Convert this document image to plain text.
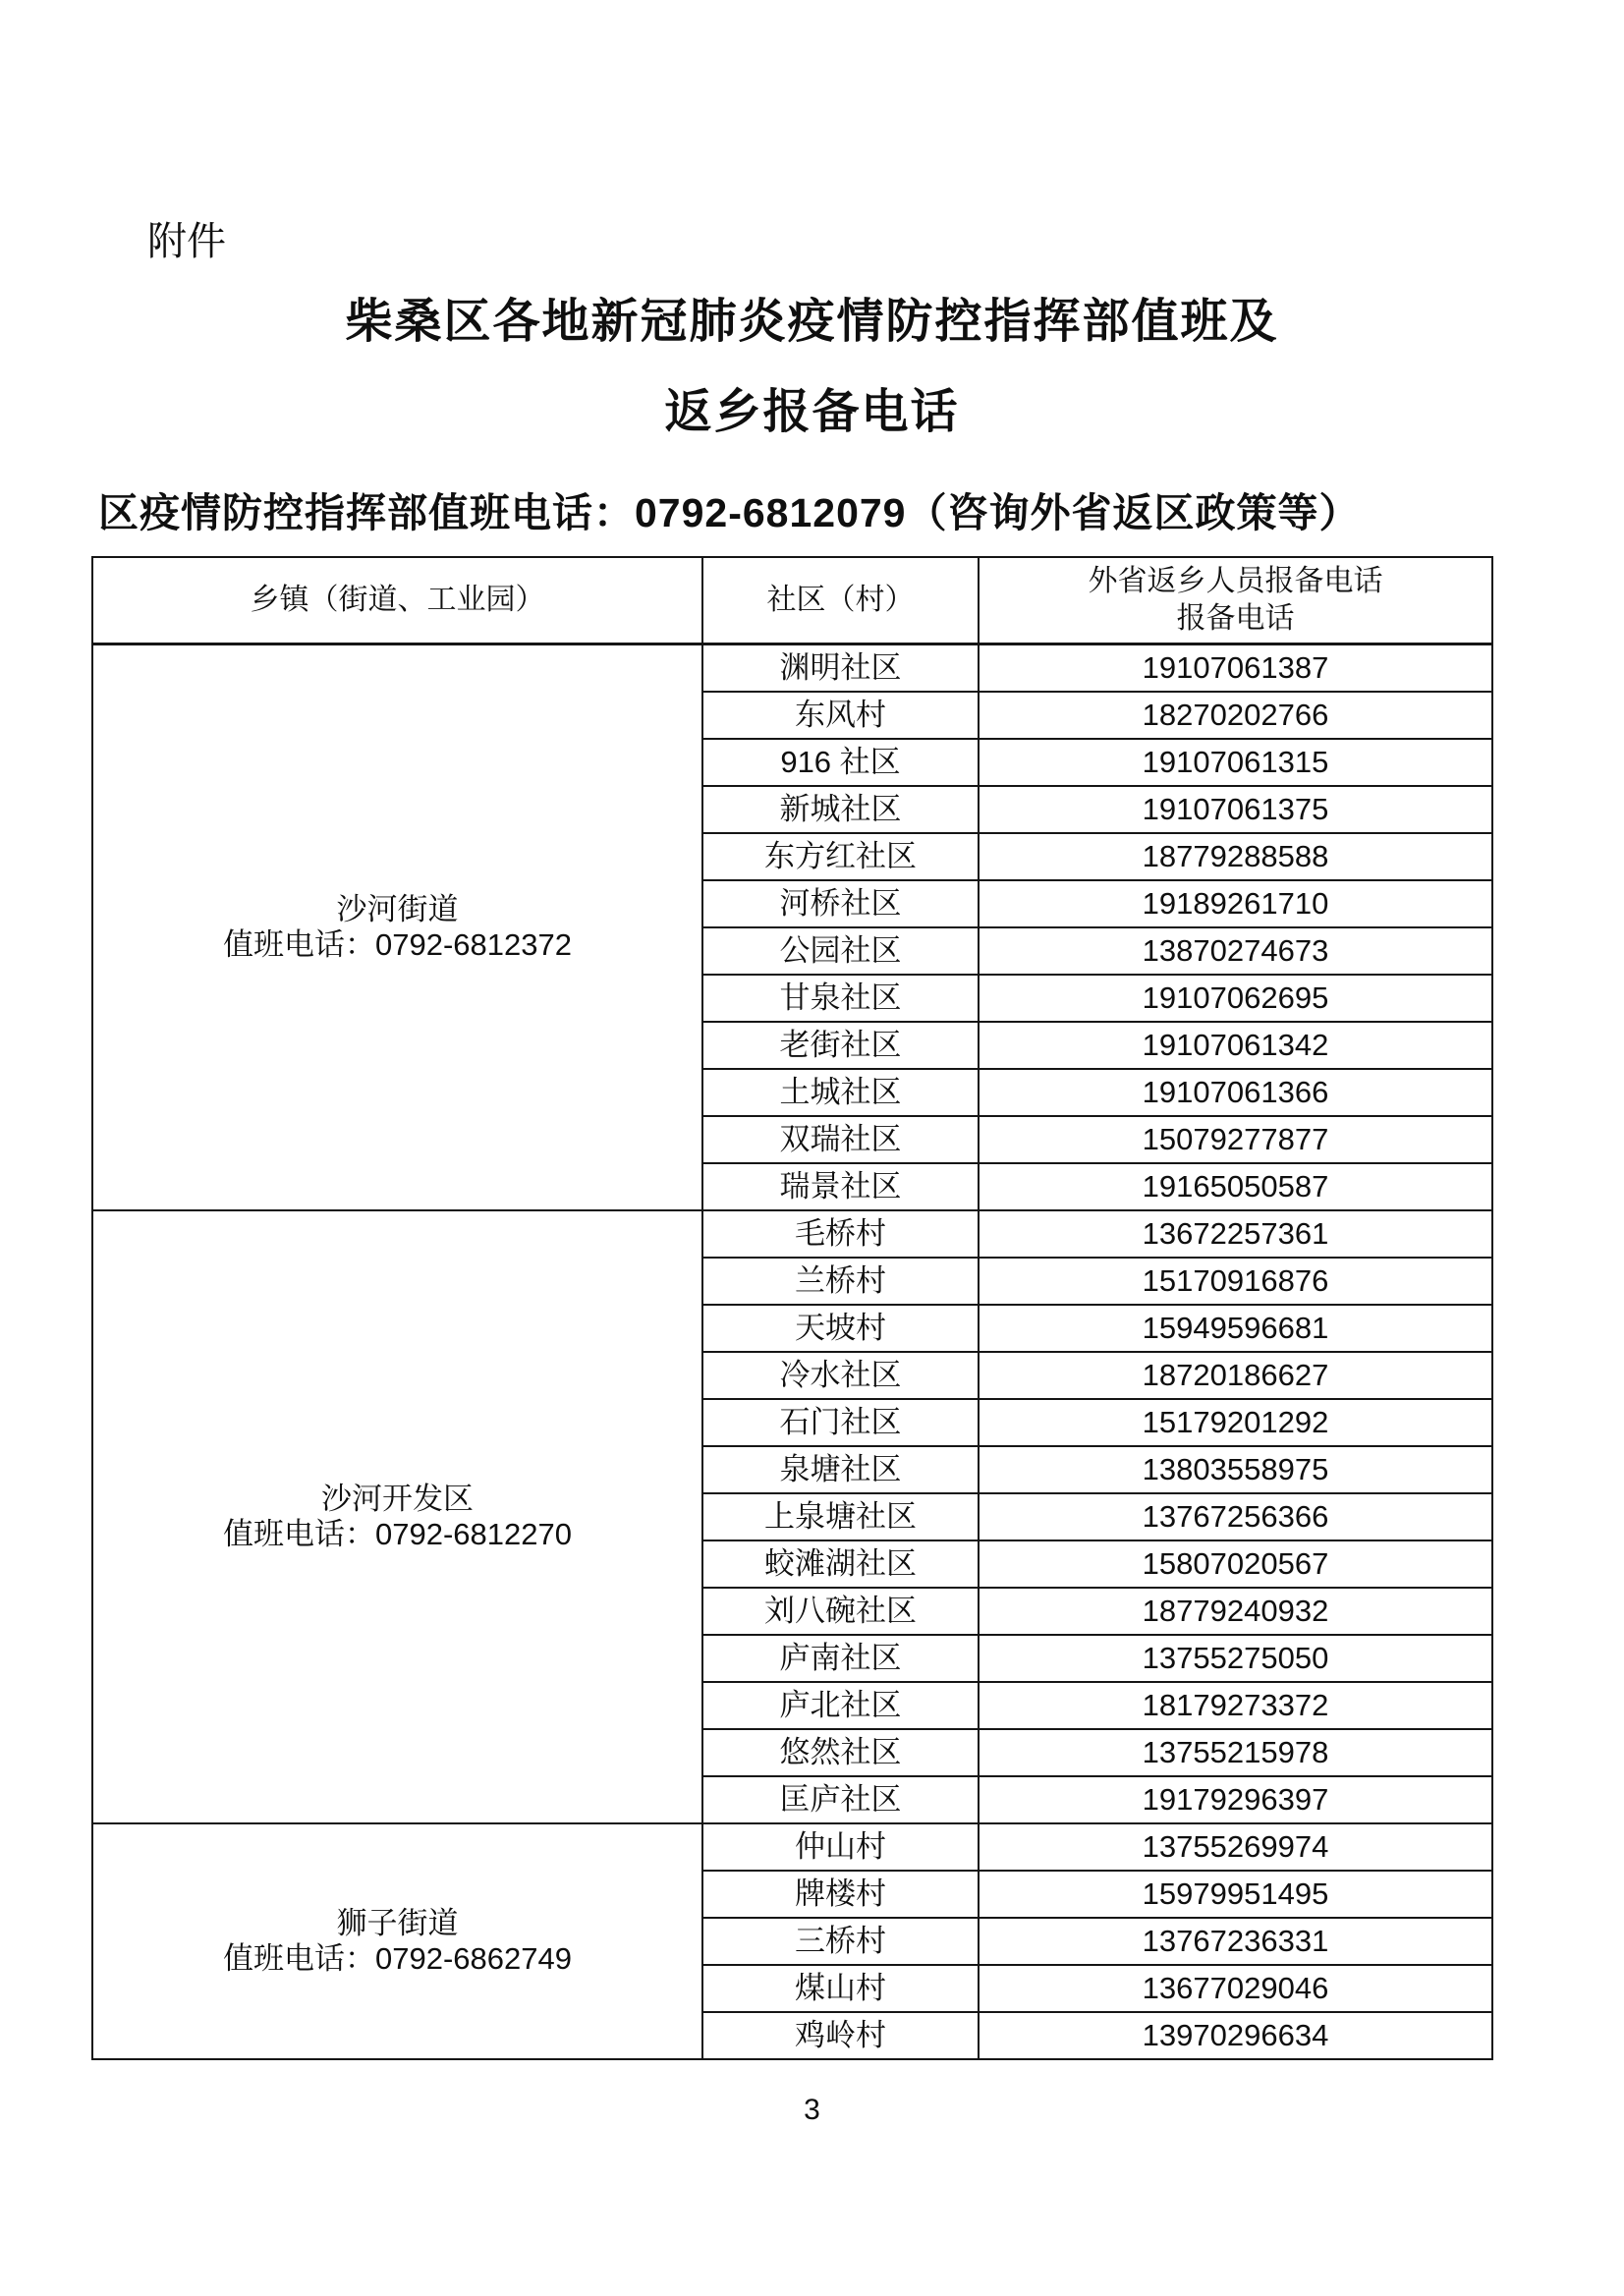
附件
柴桑区各地新冠肺炎疫情防控指挥部值班及
返乡报备电话
区疫情防控指挥部值班电话：0792-6812079（咨询外省返区政策等）
乡镇（街道、工业园）	社区（村）	外省返乡人员报备电话
报备电话

沙河街道
值班电话：0792-6812372	渊明社区	19107061387
	东风村	18270202766
	916 社区	19107061315
	新城社区	19107061375
	东方红社区	18779288588
	河桥社区	19189261710
	公园社区	13870274673
	甘泉社区	19107062695
	老街社区	19107061342
	土城社区	19107061366
	双瑞社区	15079277877
	瑞景社区	19165050587

沙河开发区
值班电话：0792-6812270	毛桥村	13672257361
	兰桥村	15170916876
	天坡村	15949596681
	冷水社区	18720186627
	石门社区	15179201292
	泉塘社区	13803558975
	上泉塘社区	13767256366
	蛟滩湖社区	15807020567
	刘八碗社区	18779240932
	庐南社区	13755275050
	庐北社区	18179273372
	悠然社区	13755215978
	匡庐社区	19179296397

狮子街道
值班电话：0792-6862749	仲山村	13755269974
	牌楼村	15979951495
	三桥村	13767236331
	煤山村	13677029046
	鸡岭村	13970296634
3
